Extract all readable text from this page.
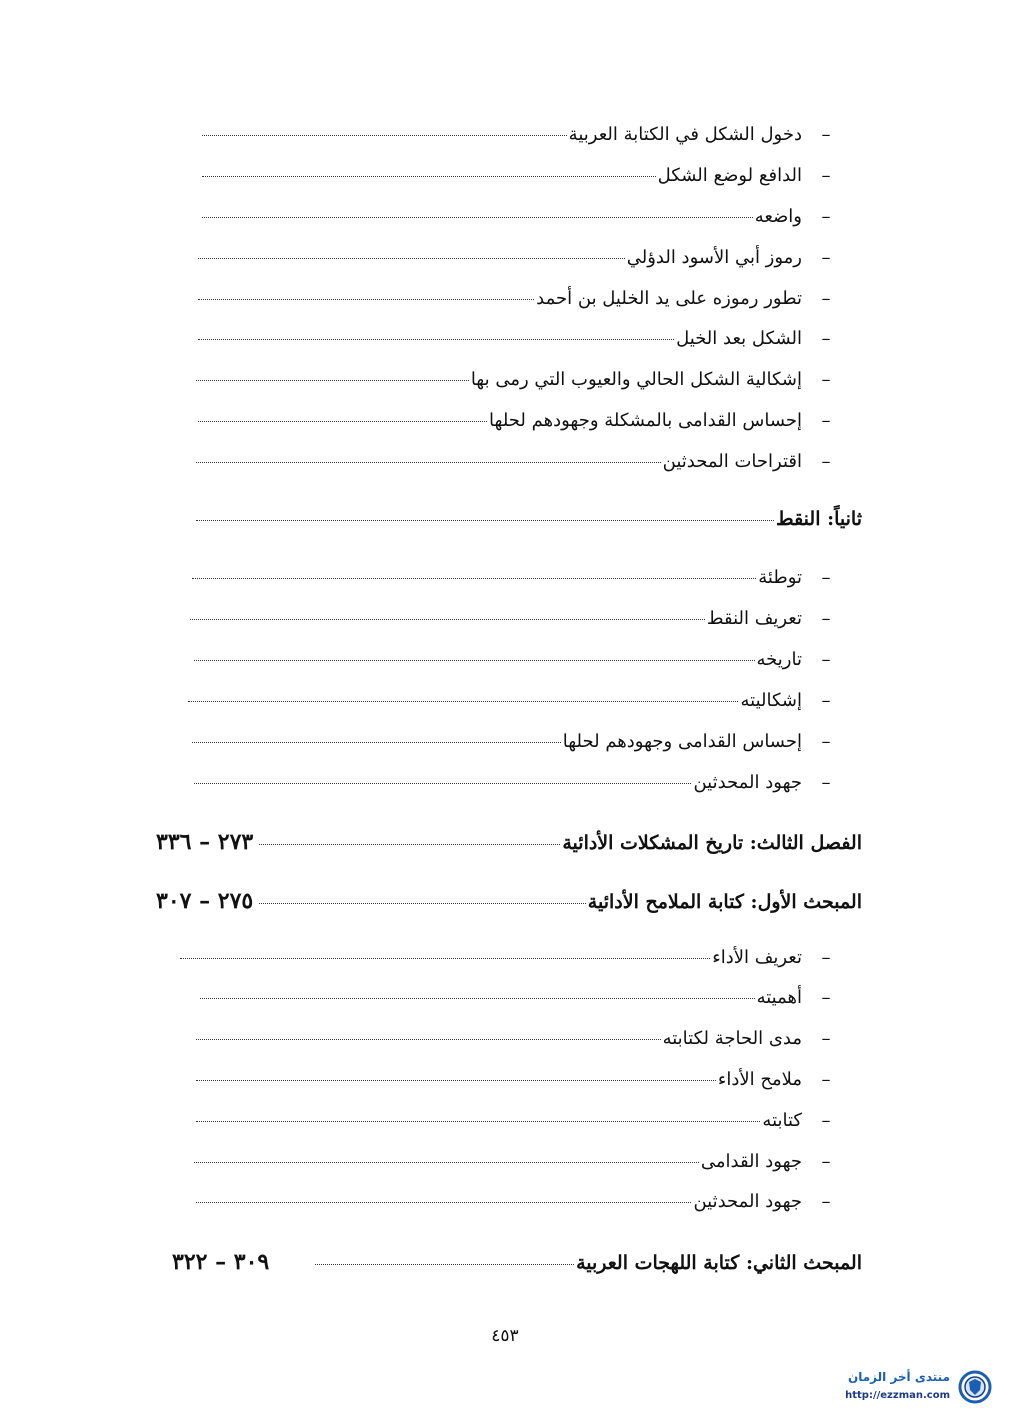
–
دخول الشكل في الكتابة العربية
–
الدافع لوضع الشكل
–
واضعه
–
رموز أبي الأسود الدؤلي
–
تطور رموزه على يد الخليل بن أحمد
–
الشكل بعد الخيل
–
إشكالية الشكل الحالي والعيوب التي رمى بها
–
إحساس القدامى بالمشكلة وجهودهم لحلها
–
اقتراحات المحدثين
ثانياً: النقط
–
توطئة
–
تعريف النقط
–
تاريخه
–
إشكاليته
–
إحساس القدامى وجهودهم لحلها
–
جهود المحدثين
الفصل الثالث: تاريخ المشكلات الأدائية
٢٧٣ – ٣٣٦
المبحث الأول: كتابة الملامح الأدائية
٢٧٥ – ٣٠٧
–
تعريف الأداء
–
أهميته
–
مدى الحاجة لكتابته
–
ملامح الأداء
–
كتابته
–
جهود القدامى
–
جهود المحدثين
المبحث الثاني: كتابة اللهجات العربية
٣٠٩ – ٣٢٢
٤٥٣
منتدى أخر الزمان
http://ezzman.com
